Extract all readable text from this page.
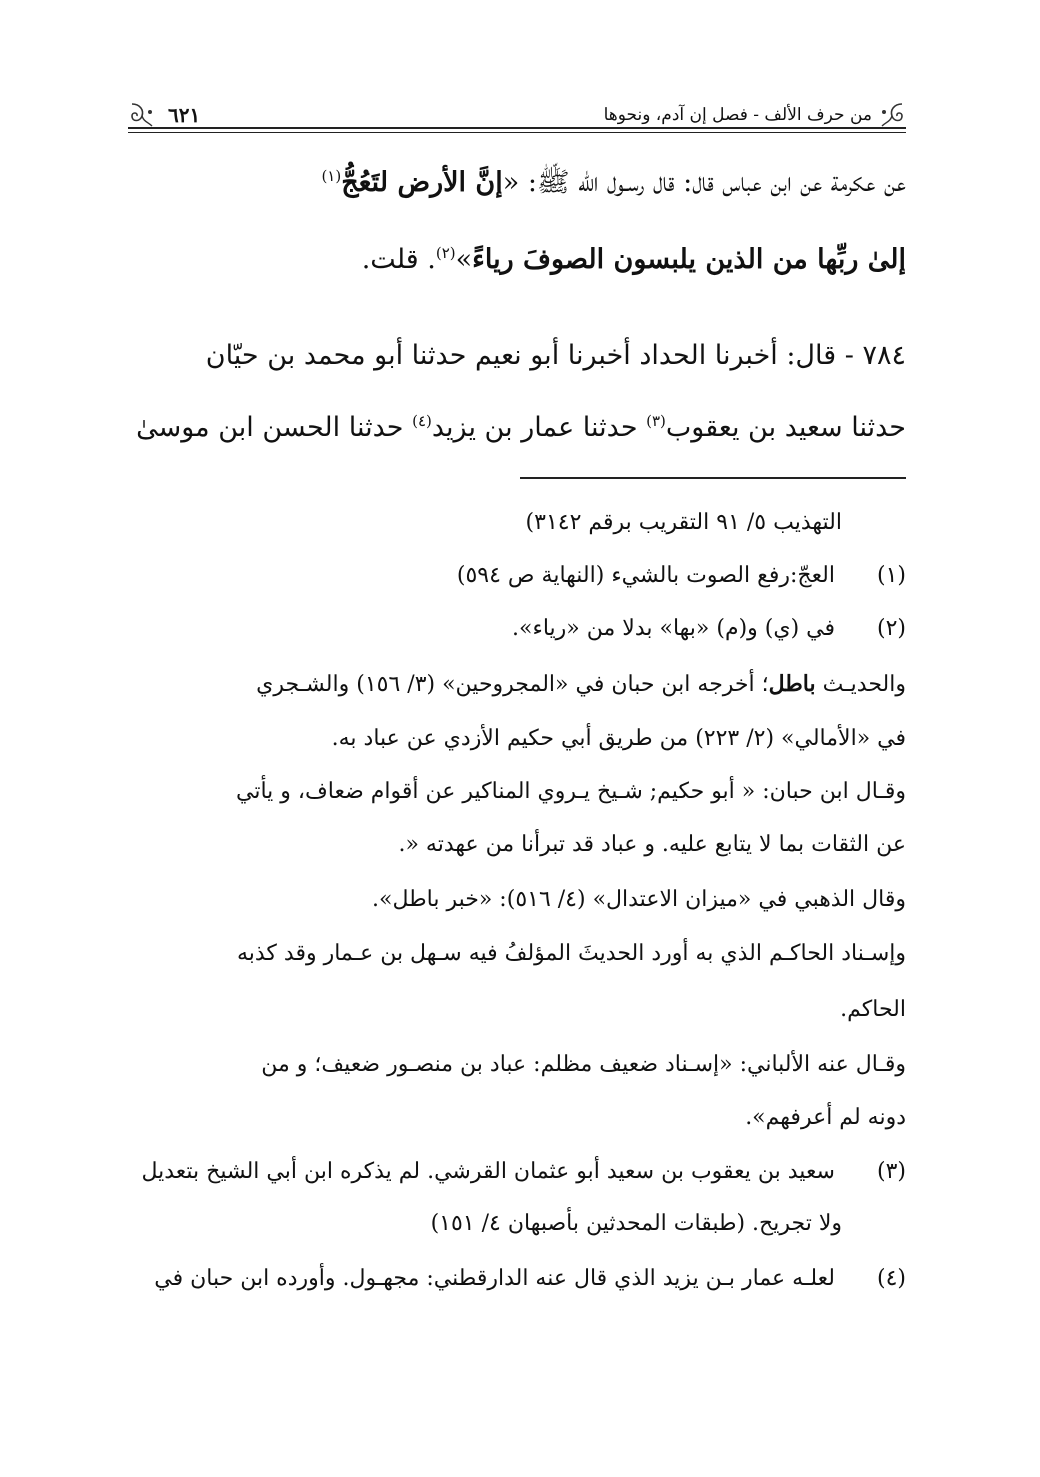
من حرف الألف - فصل إن آدم، ونحوها
٦٢١
عن عكرمة عن ابن عباس قال: قال رسـول الله ﷺ: «إنَّ الأرض لتَعُجُّ$^{(١)}$
إلىٰ ربِّها من الذين يلبسون الصوفَ رياءً»$^{(٢)}$. قلت.
٧٨٤ - قال: أخبرنا الحداد أخبرنا أبو نعيم حدثنا أبو محمد بن حيّان
حدثنا سعيد بن يعقوب$^{(٣)}$ حدثنا عمار بن يزيد$^{(٤)}$ حدثنا الحسن ابن موسىٰ
التهذيب ٥/ ٩١ التقريب برقم ٣١٤٢)
(١) العجّ:رفع الصوت بالشيء (النهاية ص ٥٩٤)
(٢) في (ي) و(م) «بها» بدلا من «رياء».
والحديـث باطل؛ أخرجه ابن حبان في «المجروحين» (٣/ ١٥٦) والشـجري
في «الأمالي» (٢/ ٢٢٣) من طريق أبي حكيم الأزدي عن عباد به.
وقـال ابن حبان: « أبو حكيم; شـيخ يـروي المناكير عن أقوام ضعاف، و يأتي
عن الثقات بما لا يتابع عليه. و عباد قد تبرأنا من عهدته «.
وقال الذهبي في «ميزان الاعتدال» (٤/ ٥١٦): «خبر باطل».
وإسـناد الحاكـم الذي به أورد الحديثَ المؤلفُ فيه سـهل بن عـمار وقد كذبه
الحاكم.
وقـال عنه الألباني: «إسـناد ضعيف مظلم: عباد بن منصـور ضعيف؛ و من
دونه لم أعرفهم».
(٣) سعيد بن يعقوب بن سعيد أبو عثمان القرشي. لم يذكره ابن أبي الشيخ بتعديل
ولا تجريح. (طبقات المحدثين بأصبهان ٤/ ١٥١)
(٤) لعلـه عمار بـن يزيد الذي قال عنه الدارقطني: مجهـول. وأورده ابن حبان في
